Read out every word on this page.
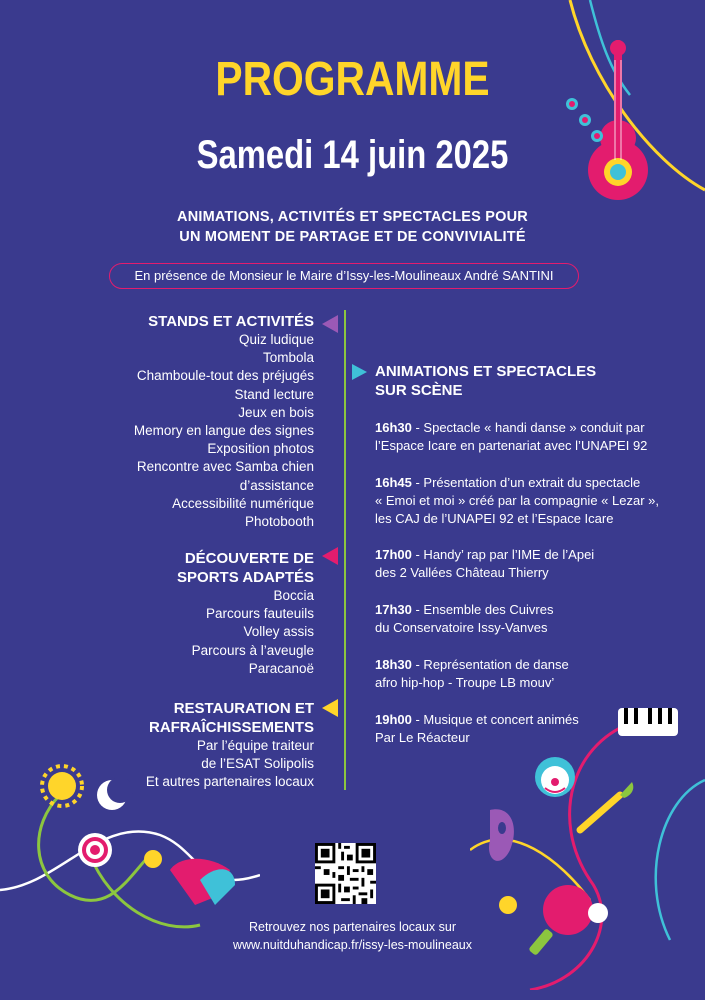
PROGRAMME
Samedi 14 juin 2025
ANIMATIONS, ACTIVITÉS ET SPECTACLES POUR
UN MOMENT DE PARTAGE ET DE CONVIVIALITÉ
En présence de Monsieur le Maire d’Issy-les-Moulineaux André SANTINI
STANDS ET ACTIVITÉS
Quiz ludique
Tombola
Chamboule-tout des préjugés
Stand lecture
Jeux en bois
Memory en langue des signes
Exposition photos
Rencontre avec Samba chien
d’assistance
Accessibilité numérique
Photobooth
DÉCOUVERTE DE
SPORTS ADAPTÉS
Boccia
Parcours fauteuils
Volley assis
Parcours à l’aveugle
Paracanoë
RESTAURATION ET
RAFRAÎCHISSEMENTS
Par l’équipe traiteur
de l’ESAT Solipolis
Et autres partenaires locaux
ANIMATIONS ET SPECTACLES
SUR SCÈNE
16h30 - Spectacle « handi danse » conduit par
l’Espace Icare en partenariat avec l’UNAPEI 92
16h45 - Présentation d’un extrait du spectacle
« Emoi et moi » créé par la compagnie « Lezar »,
les CAJ de l’UNAPEI 92 et l’Espace Icare
17h00 - Handy’ rap par l’IME de l’Apei
des 2 Vallées Château Thierry
17h30 - Ensemble des Cuivres
du Conservatoire Issy-Vanves
18h30 - Représentation de danse
afro hip-hop - Troupe LB mouv’
19h00 - Musique et concert animés
Par Le Réacteur
Retrouvez nos partenaires locaux sur
www.nuitduhandicap.fr/issy-les-moulineaux
